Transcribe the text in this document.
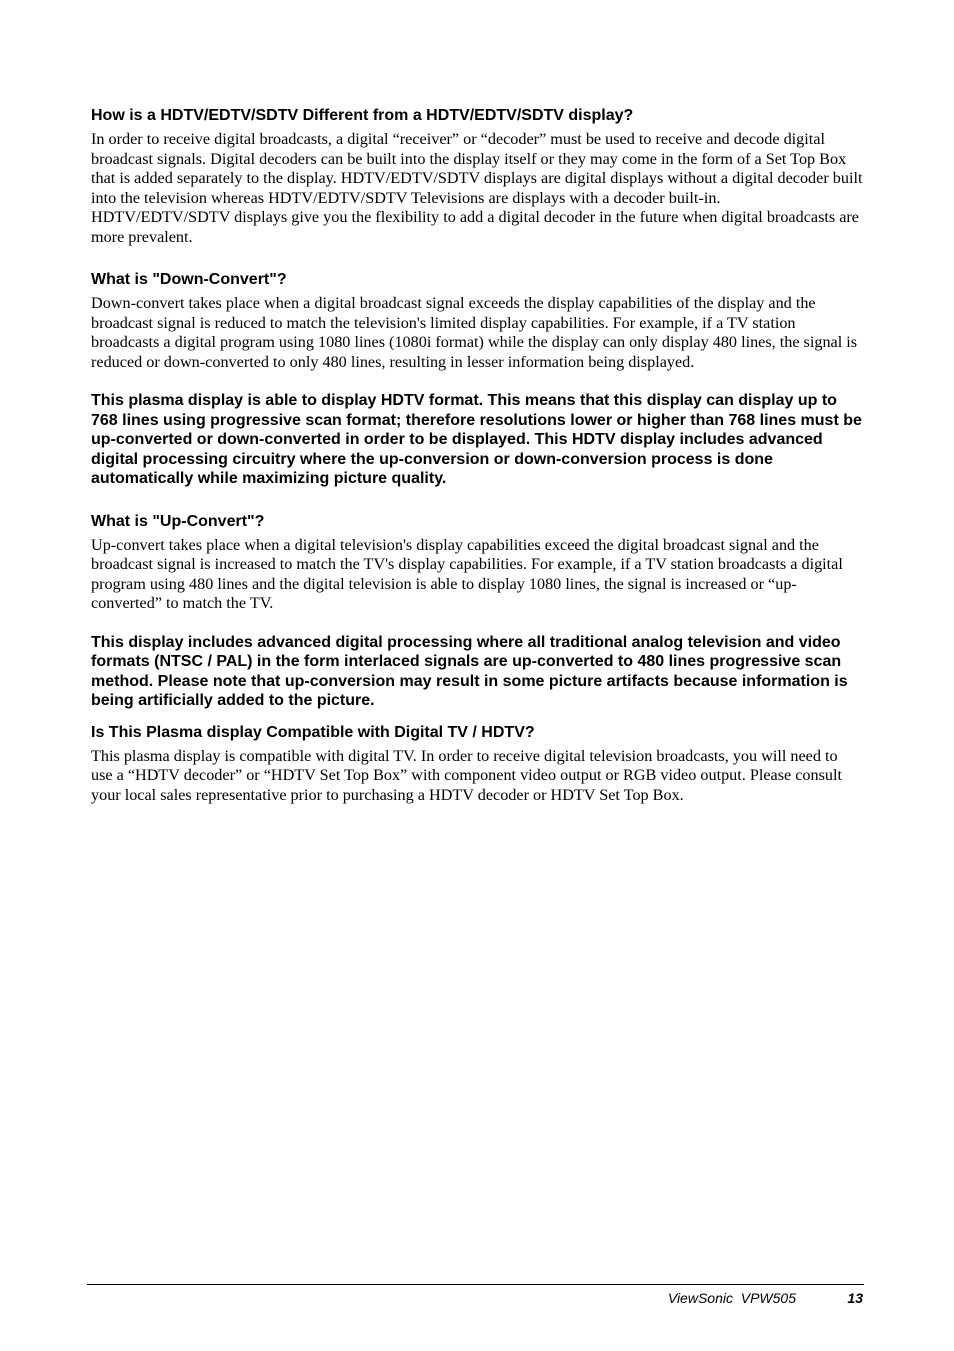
How is a HDTV/EDTV/SDTV Different from a HDTV/EDTV/SDTV display?

In order to receive digital broadcasts, a digital “receiver” or “decoder” must be used to receive and decode digital broadcast signals. Digital decoders can be built into the display itself or they may come in the form of a Set Top Box that is added separately to the display. HDTV/EDTV/SDTV displays are digital displays without a digital decoder built into the television whereas HDTV/EDTV/SDTV Televisions are displays with a decoder built-in. HDTV/EDTV/SDTV displays give you the flexibility to add a digital decoder in the future when digital broadcasts are more prevalent.

What is "Down-Convert"?

Down-convert takes place when a digital broadcast signal exceeds the display capabilities of the display and the broadcast signal is reduced to match the television's limited display capabilities. For example, if a TV station broadcasts a digital program using 1080 lines (1080i format) while the display can only display 480 lines, the signal is reduced or down-converted to only 480 lines, resulting in lesser information being displayed.

This plasma display is able to display HDTV format. This means that this display can display up to 768 lines using progressive scan format; therefore resolutions lower or higher than 768 lines must be up-converted or down-converted in order to be displayed. This HDTV display includes advanced digital processing circuitry where the up-conversion or down-conversion process is done automatically while maximizing picture quality.

What is "Up-Convert"?

Up-convert takes place when a digital television's display capabilities exceed the digital broadcast signal and the broadcast signal is increased to match the TV's display capabilities. For example, if a TV station broadcasts a digital program using 480 lines and the digital television is able to display 1080 lines, the signal is increased or “up-converted” to match the TV.

This display includes advanced digital processing where all traditional analog television and video formats (NTSC / PAL) in the form interlaced signals are up-converted to 480 lines progressive scan method. Please note that up-conversion may result in some picture artifacts because information is being artificially added to the picture.

Is This Plasma display Compatible with Digital TV / HDTV?

This plasma display is compatible with digital TV. In order to receive digital television broadcasts, you will need to use a “HDTV decoder” or “HDTV Set Top Box” with component video output or RGB video output. Please consult your local sales representative prior to purchasing a HDTV decoder or HDTV Set Top Box.

ViewSonic  VPW505	13
